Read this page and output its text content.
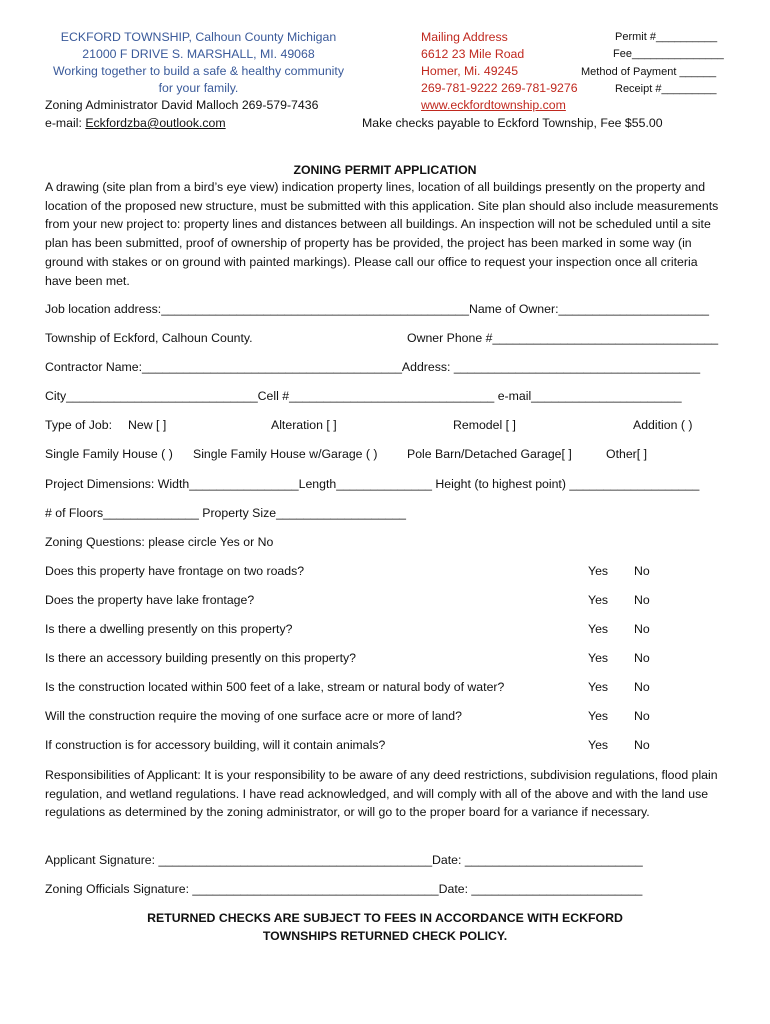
ECKFORD TOWNSHIP, Calhoun County Michigan
21000 F DRIVE S. MARSHALL, MI. 49068
Working together to build a safe & healthy community
for your family.
Zoning Administrator David Malloch 269-579-7436
e-mail: Eckfordzba@outlook.com
Mailing Address
6612 23 Mile Road
Homer, Mi. 49245
269-781-9222 269-781-9276
www.eckfordtownship.com
Make checks payable to Eckford Township, Fee $55.00
Permit #__________
Fee_______________
Method of Payment ______
Receipt #_________
ZONING PERMIT APPLICATION
A drawing (site plan from a bird’s eye view) indication property lines, location of all buildings presently on the property and location of the proposed new structure, must be submitted with this application. Site plan should also include measurements from your new project to: property lines and distances between all buildings. An inspection will not be scheduled until a site plan has been submitted, proof of ownership of property has be provided, the project has been marked in some way (in ground with stakes or on ground with painted markings). Please call our office to request your inspection once all criteria have been met.
Job location address:_____________________________________________Name of Owner:______________________
Township of Eckford, Calhoun County.	Owner Phone #_________________________________
Contractor Name:______________________________________Address: ____________________________________
City____________________________Cell #______________________________ e-mail______________________
Type of Job: New [ ]	Alteration [ ]	Remodel [ ]	Addition ( )
Single Family House ( ) Single Family House w/Garage ( ) Pole Barn/Detached Garage[ ]	Other[ ]
Project Dimensions: Width________________Length______________ Height (to highest point) ___________________
# of Floors______________ Property Size___________________
Zoning Questions: please circle Yes or No
Does this property have frontage on two roads?	Yes No
Does the property have lake frontage?	Yes No
Is there a dwelling presently on this property?	Yes No
Is there an accessory building presently on this property?	Yes No
Is the construction located within 500 feet of a lake, stream or natural body of water?	Yes No
Will the construction require the moving of one surface acre or more of land?	Yes No
If construction is for accessory building, will it contain animals?	Yes No
Responsibilities of Applicant: It is your responsibility to be aware of any deed restrictions, subdivision regulations, flood plain regulation, and wetland regulations. I have read acknowledged, and will comply with all of the above and with the land use regulations as determined by the zoning administrator, or will go to the proper board for a variance if necessary.
Applicant Signature: ________________________________________Date: __________________________
Zoning Officials Signature: ____________________________________Date: _________________________
RETURNED CHECKS ARE SUBJECT TO FEES IN ACCORDANCE WITH ECKFORD
TOWNSHIPS RETURNED CHECK POLICY.
